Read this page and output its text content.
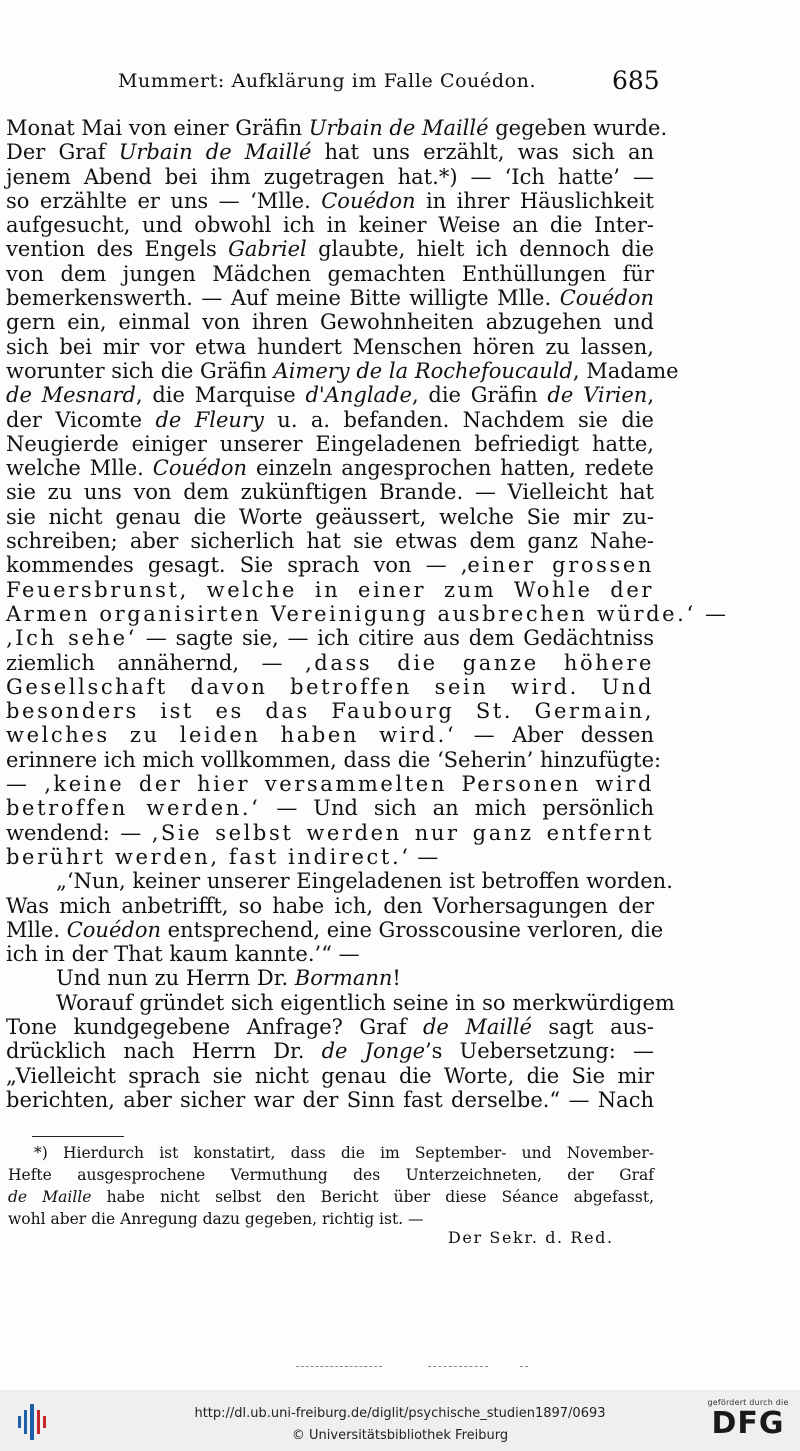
Mummert: Aufklärung im Falle Couédon.	685
Monat Mai von einer Gräfin Urbain de Maillé gegeben wurde.
Der Graf Urbain de Maillé hat uns erzählt, was sich an
jenem Abend bei ihm zugetragen hat.*) — ‘Ich hatte’ —
so erzählte er uns — ‘Mlle. Couédon in ihrer Häuslichkeit
aufgesucht, und obwohl ich in keiner Weise an die Inter-
vention des Engels Gabriel glaubte, hielt ich dennoch die
von dem jungen Mädchen gemachten Enthüllungen für
bemerkenswerth. — Auf meine Bitte willigte Mlle. Couédon
gern ein, einmal von ihren Gewohnheiten abzugehen und
sich bei mir vor etwa hundert Menschen hören zu lassen,
worunter sich die Gräfin Aimery de la Rochefoucauld, Madame
de Mesnard, die Marquise d'Anglade, die Gräfin de Virien,
der Vicomte de Fleury u. a. befanden. Nachdem sie die
Neugierde einiger unserer Eingeladenen befriedigt hatte,
welche Mlle. Couédon einzeln angesprochen hatten, redete
sie zu uns von dem zukünftigen Brande. — Vielleicht hat
sie nicht genau die Worte geäussert, welche Sie mir zu-
schreiben; aber sicherlich hat sie etwas dem ganz Nahe-
kommendes gesagt. Sie sprach von — ‚einer grossen
Feuersbrunst, welche in einer zum Wohle der
Armen organisirten Vereinigung ausbrechen würde.‘ —
‚Ich sehe‘ — sagte sie, — ich citire aus dem Gedächtniss
ziemlich annähernd, — ‚dass die ganze höhere
Gesellschaft davon betroffen sein wird. Und
besonders ist es das Faubourg St. Germain,
welches zu leiden haben wird.‘ — Aber dessen
erinnere ich mich vollkommen, dass die ‘Seherin’ hinzufügte:
— ‚keine der hier versammelten Personen wird
betroffen werden.‘ — Und sich an mich persönlich
wendend: — ‚Sie selbst werden nur ganz entfernt
berührt werden, fast indirect.‘ —
„‘Nun, keiner unserer Eingeladenen ist betroffen worden.
Was mich anbetrifft, so habe ich, den Vorhersagungen der
Mlle. Couédon entsprechend, eine Grosscousine verloren, die
ich in der That kaum kannte.’“ —
Und nun zu Herrn Dr. Bormann!
Worauf gründet sich eigentlich seine in so merkwürdigem
Tone kundgegebene Anfrage? Graf de Maillé sagt aus-
drücklich nach Herrn Dr. de Jonge’s Uebersetzung: —
„Vielleicht sprach sie nicht genau die Worte, die Sie mir
berichten, aber sicher war der Sinn fast derselbe.“ — Nach
*) Hierdurch ist konstatirt, dass die im September- und November-
Hefte ausgesprochene Vermuthung des Unterzeichneten, der Graf
de Maille habe nicht selbst den Bericht über diese Séance abgefasst,
wohl aber die Anregung dazu gegeben, richtig ist. —
Der Sekr. d. Red.
http://dl.ub.uni-freiburg.de/diglit/psychische_studien1897/0693
© Universitätsbibliothek Freiburg
gefördert durch die
DFG
